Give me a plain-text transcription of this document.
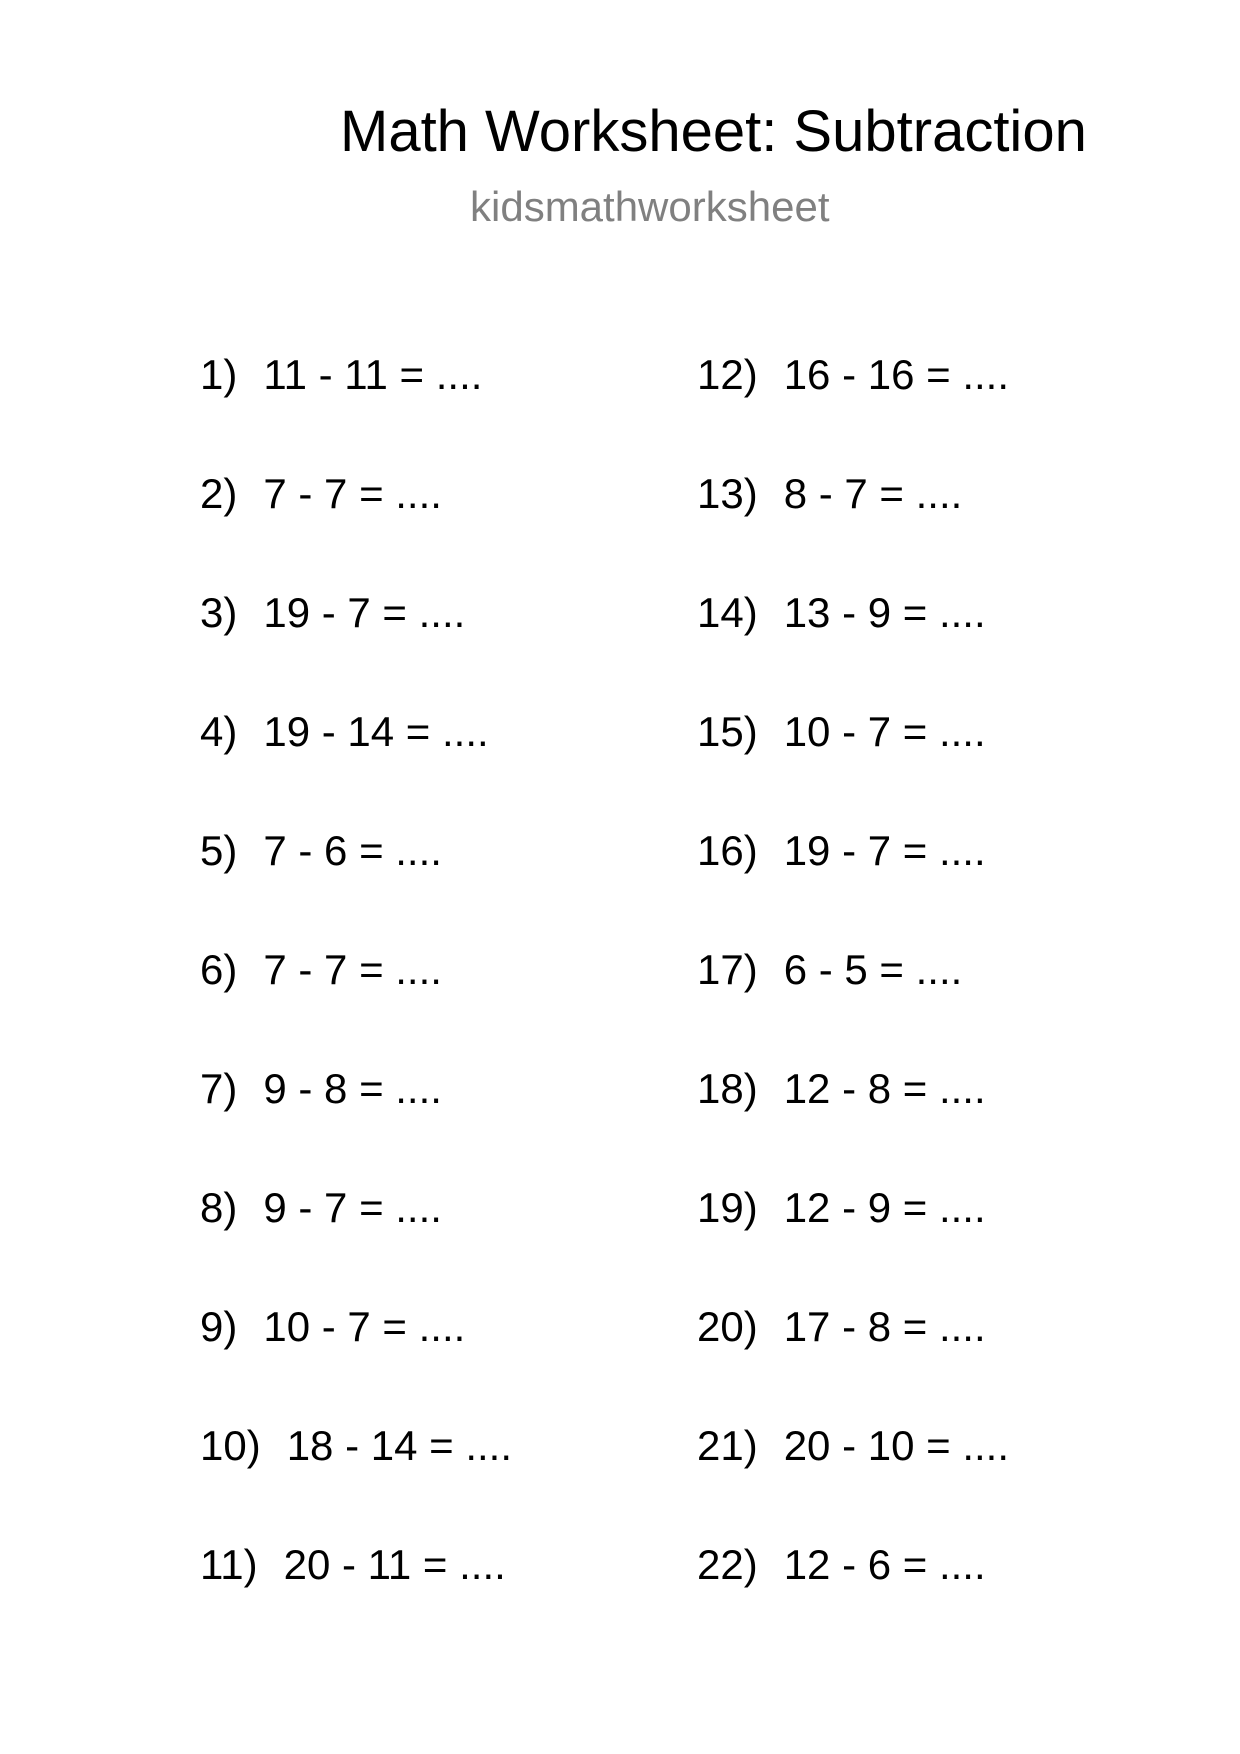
Math Worksheet: Subtraction
kidsmathworksheet
1) 11 - 11 = ....
2) 7 - 7 = ....
3) 19 - 7 = ....
4) 19 - 14 = ....
5) 7 - 6 = ....
6) 7 - 7 = ....
7) 9 - 8 = ....
8) 9 - 7 = ....
9) 10 - 7 = ....
10) 18 - 14 = ....
11) 20 - 11 = ....
12) 16 - 16 = ....
13) 8 - 7 = ....
14) 13 - 9 = ....
15) 10 - 7 = ....
16) 19 - 7 = ....
17) 6 - 5 = ....
18) 12 - 8 = ....
19) 12 - 9 = ....
20) 17 - 8 = ....
21) 20 - 10 = ....
22) 12 - 6 = ....
